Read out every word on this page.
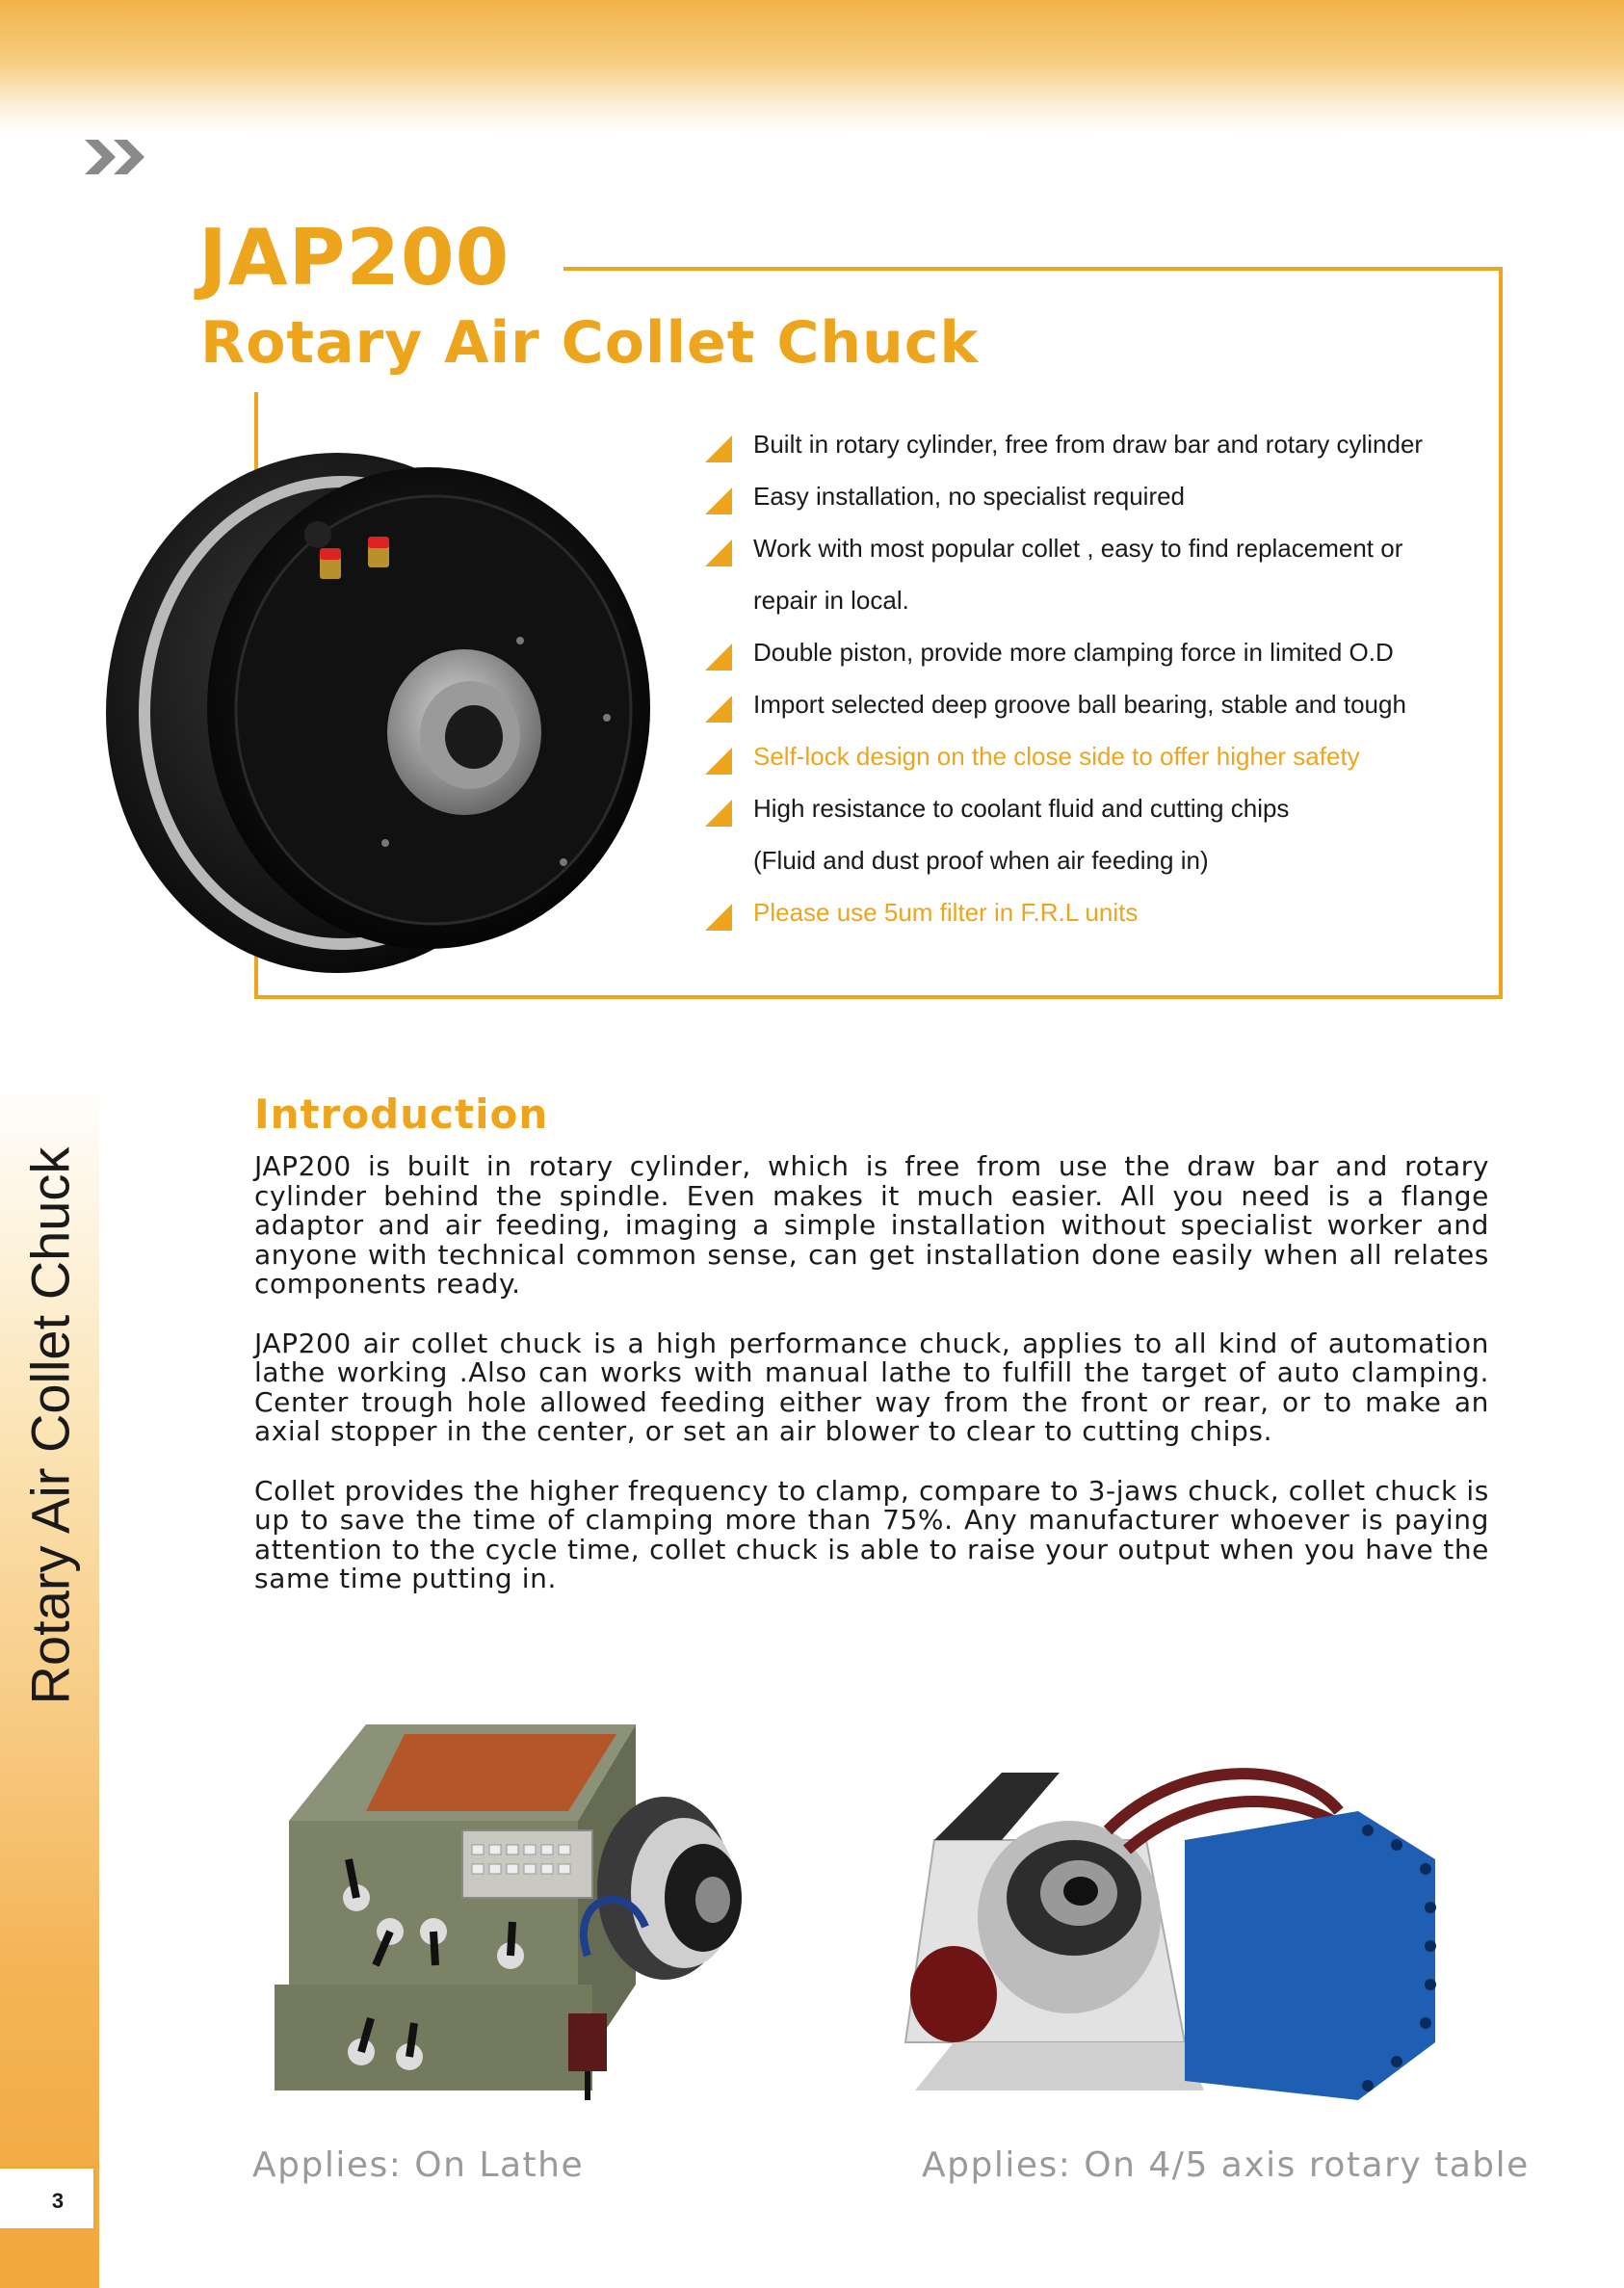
Rotary Air Collet Chuck
3
JAP200
Rotary Air Collet Chuck
Built in rotary cylinder, free from draw bar and rotary cylinder
Easy installation, no specialist required
Work with most popular collet , easy to find replacement or
repair in local.
Double piston, provide more clamping force in limited O.D
Import selected deep groove ball bearing, stable and tough
Self-lock design on the close side to offer higher safety
High resistance to coolant fluid and cutting chips
(Fluid and dust proof when air feeding in)
Please use 5um filter in F.R.L units
Introduction

JAP200 is built in rotary cylinder, which is free from use the draw bar and rotary cylinder behind the spindle. Even makes it much easier. All you need is a flange adaptor and air feeding, imaging a simple installation without specialist worker and anyone with technical common sense, can get installation done easily when all relates components ready.

JAP200 air collet chuck is a high performance chuck, applies to all kind of automation lathe working .Also can works with manual lathe to fulfill the target of auto clamping. Center trough hole allowed feeding either way from the front or rear, or to make an axial stopper in the center, or set an air blower to clear to cutting chips.

Collet provides the higher frequency to clamp, compare to 3-jaws chuck, collet chuck is up to save the time of clamping more than 75%. Any manufacturer whoever is paying attention to the cycle time, collet chuck is able to raise your output when you have the same time putting in.

Applies: On Lathe	Applies: On 4/5 axis rotary table
